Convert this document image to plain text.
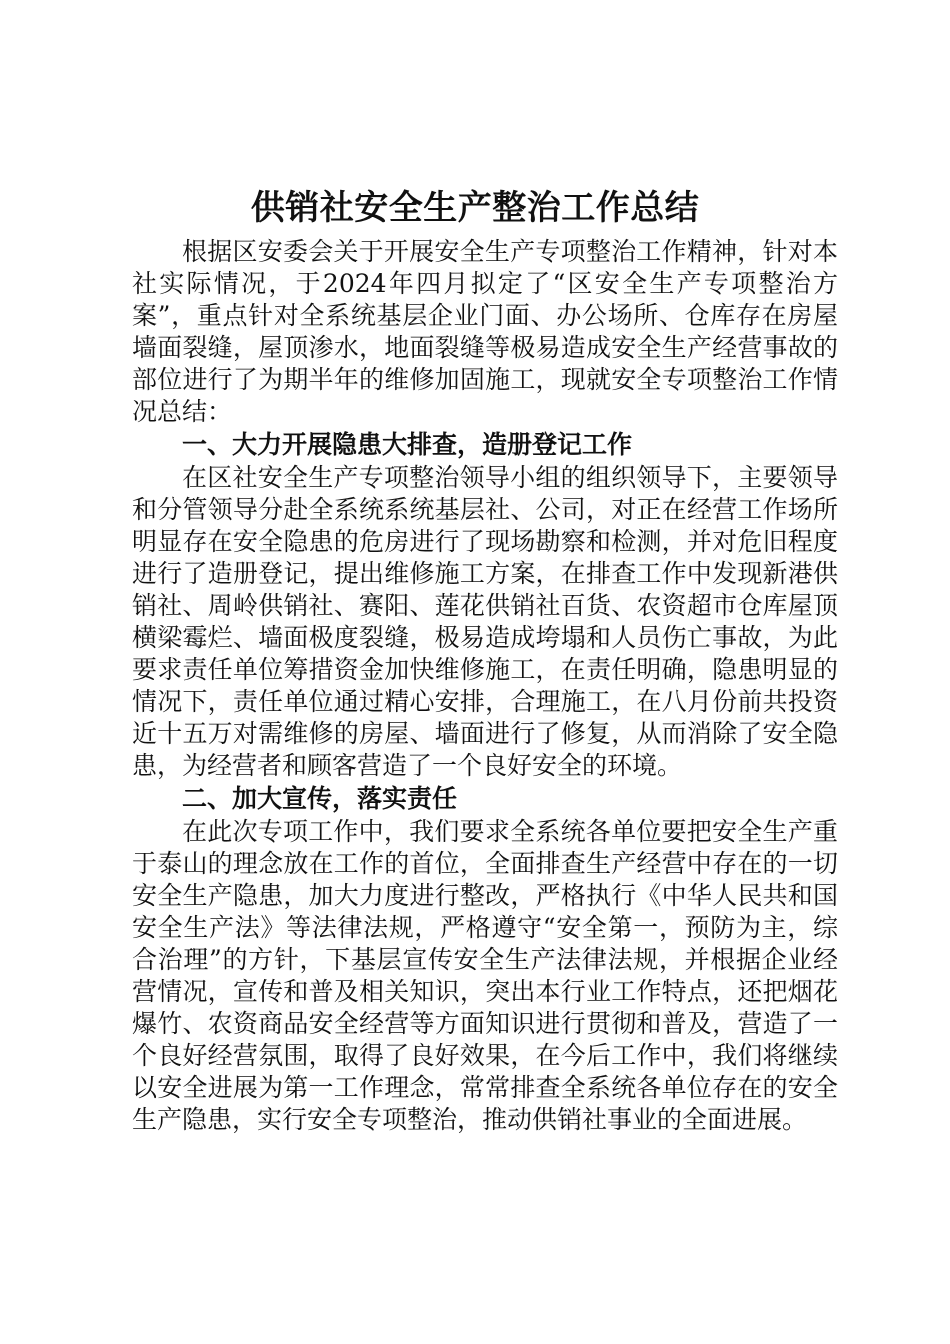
供销社安全生产整治工作总结

根据区安委会关于开展安全生产专项整治工作精神，针对本社实际情况，于2024年四月拟定了“区安全生产专项整治方案”，重点针对全系统基层企业门面、办公场所、仓库存在房屋墙面裂缝，屋顶渗水，地面裂缝等极易造成安全生产经营事故的部位进行了为期半年的维修加固施工，现就安全专项整治工作情况总结：

一、大力开展隐患大排查，造册登记工作

在区社安全生产专项整治领导小组的组织领导下，主要领导和分管领导分赴全系统系统基层社、公司，对正在经营工作场所明显存在安全隐患的危房进行了现场勘察和检测，并对危旧程度进行了造册登记，提出维修施工方案，在排查工作中发现新港供销社、周岭供销社、赛阳、莲花供销社百货、农资超市仓库屋顶横梁霉烂、墙面极度裂缝，极易造成垮塌和人员伤亡事故，为此要求责任单位筹措资金加快维修施工，在责任明确，隐患明显的情况下，责任单位通过精心安排，合理施工，在八月份前共投资近十五万对需维修的房屋、墙面进行了修复，从而消除了安全隐患，为经营者和顾客营造了一个良好安全的环境。

二、加大宣传，落实责任

在此次专项工作中，我们要求全系统各单位要把安全生产重于泰山的理念放在工作的首位，全面排查生产经营中存在的一切安全生产隐患，加大力度进行整改，严格执行《中华人民共和国安全生产法》等法律法规，严格遵守“安全第一，预防为主，综合治理”的方针，下基层宣传安全生产法律法规，并根据企业经营情况，宣传和普及相关知识，突出本行业工作特点，还把烟花爆竹、农资商品安全经营等方面知识进行贯彻和普及，营造了一个良好经营氛围，取得了良好效果，在今后工作中，我们将继续以安全进展为第一工作理念，常常排查全系统各单位存在的安全生产隐患，实行安全专项整治，推动供销社事业的全面进展。
